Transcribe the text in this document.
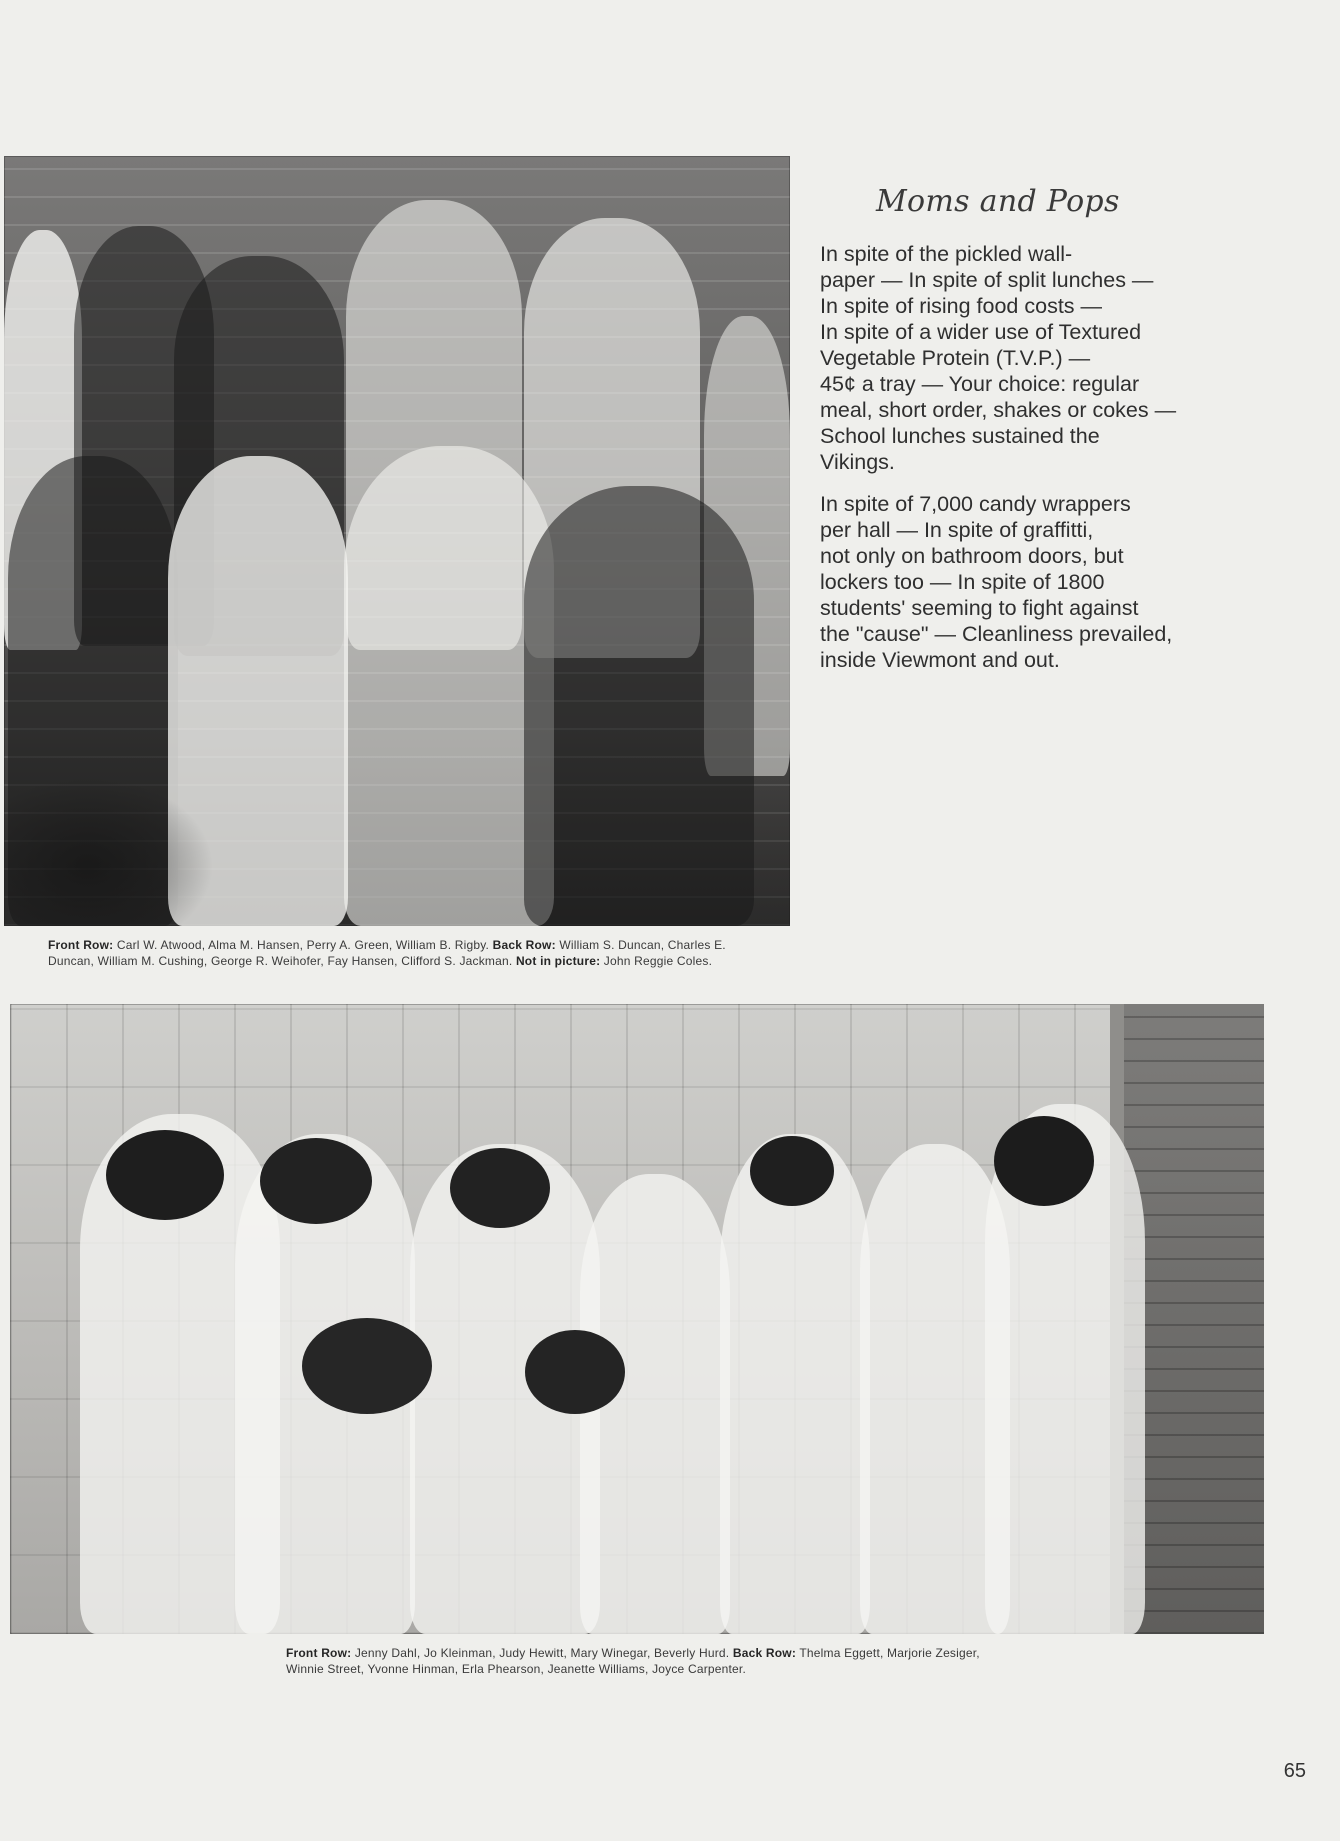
Front Row: Carl W. Atwood, Alma M. Hansen, Perry A. Green, William B. Rigby. Back Row: William S. Duncan, Charles E. Duncan, William M. Cushing, George R. Weihofer, Fay Hansen, Clifford S. Jackman. Not in picture: John Reggie Coles.
Moms and Pops

In spite of the pickled wall-
paper — In spite of split lunches —
In spite of rising food costs —
In spite of a wider use of Textured
Vegetable Protein (T.V.P.) —
45¢ a tray — Your choice: regular
meal, short order, shakes or cokes —
School lunches sustained the
Vikings.

In spite of 7,000 candy wrappers
per hall — In spite of graffitti,
not only on bathroom doors, but
lockers too — In spite of 1800
students' seeming to fight against
the "cause" — Cleanliness prevailed,
inside Viewmont and out.

Front Row: Jenny Dahl, Jo Kleinman, Judy Hewitt, Mary Winegar, Beverly Hurd. Back Row: Thelma Eggett, Marjorie Zesiger, Winnie Street, Yvonne Hinman, Erla Phearson, Jeanette Williams, Joyce Carpenter.
65
